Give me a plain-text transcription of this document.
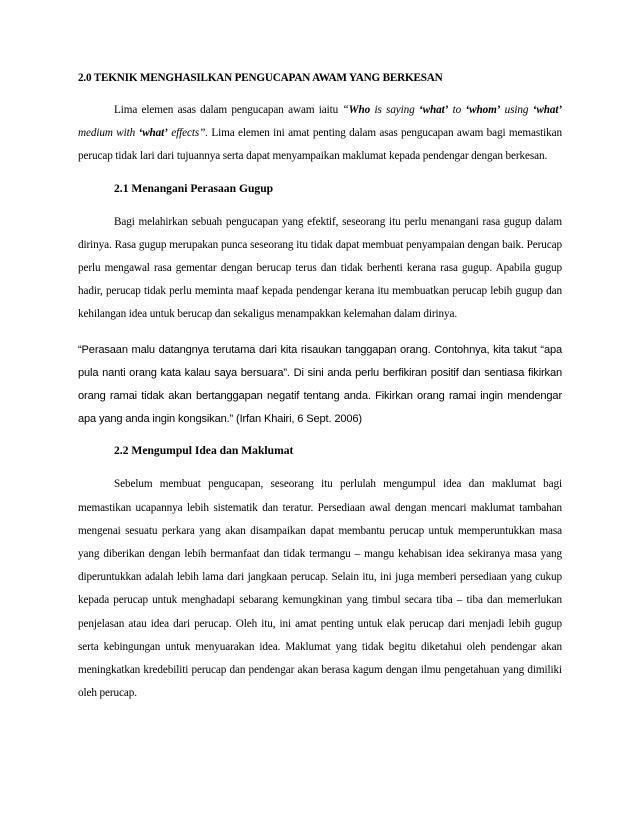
2.0 TEKNIK MENGHASILKAN PENGUCAPAN AWAM YANG BERKESAN

Lima elemen asas dalam pengucapan awam iaitu “Who is saying ‘what’ to ‘whom’ using ‘what’ medium with ‘what’ effects”. Lima elemen ini amat penting dalam asas pengucapan awam bagi memastikan perucap tidak lari dari tujuannya serta dapat menyampaikan maklumat kepada pendengar dengan berkesan.

2.1 Menangani Perasaan Gugup

Bagi melahirkan sebuah pengucapan yang efektif, seseorang itu perlu menangani rasa gugup dalam dirinya. Rasa gugup merupakan punca seseorang itu tidak dapat membuat penyampaian dengan baik. Perucap perlu mengawal rasa gementar dengan berucap terus dan tidak berhenti kerana rasa gugup. Apabila gugup hadir, perucap tidak perlu meminta maaf kepada pendengar kerana itu membuatkan perucap lebih gugup dan kehilangan idea untuk berucap dan sekaligus menampakkan kelemahan dalam dirinya.

“Perasaan malu datangnya terutama dari kita risaukan tanggapan orang. Contohnya, kita takut “apa pula nanti orang kata kalau saya bersuara”. Di sini anda perlu berfikiran positif dan sentiasa fikirkan orang ramai tidak akan bertanggapan negatif tentang anda. Fikirkan orang ramai ingin mendengar apa yang anda ingin kongsikan.” (Irfan Khairi, 6 Sept. 2006)

2.2 Mengumpul Idea dan Maklumat

Sebelum membuat pengucapan, seseorang itu perlulah mengumpul idea dan maklumat bagi memastikan ucapannya lebih sistematik dan teratur. Persediaan awal dengan mencari maklumat tambahan mengenai sesuatu perkara yang akan disampaikan dapat membantu perucap untuk memperuntukkan masa yang diberikan dengan lebih bermanfaat dan tidak termangu – mangu kehabisan idea sekiranya masa yang diperuntukkan adalah lebih lama dari jangkaan perucap. Selain itu, ini juga memberi persediaan yang cukup kepada perucap untuk menghadapi sebarang kemungkinan yang timbul secara tiba – tiba dan memerlukan penjelasan atau idea dari perucap. Oleh itu, ini amat penting untuk elak perucap dari menjadi lebih gugup serta kebingungan untuk menyuarakan idea. Maklumat yang tidak begitu diketahui oleh pendengar akan meningkatkan kredebiliti perucap dan pendengar akan berasa kagum dengan ilmu pengetahuan yang dimiliki oleh perucap.
